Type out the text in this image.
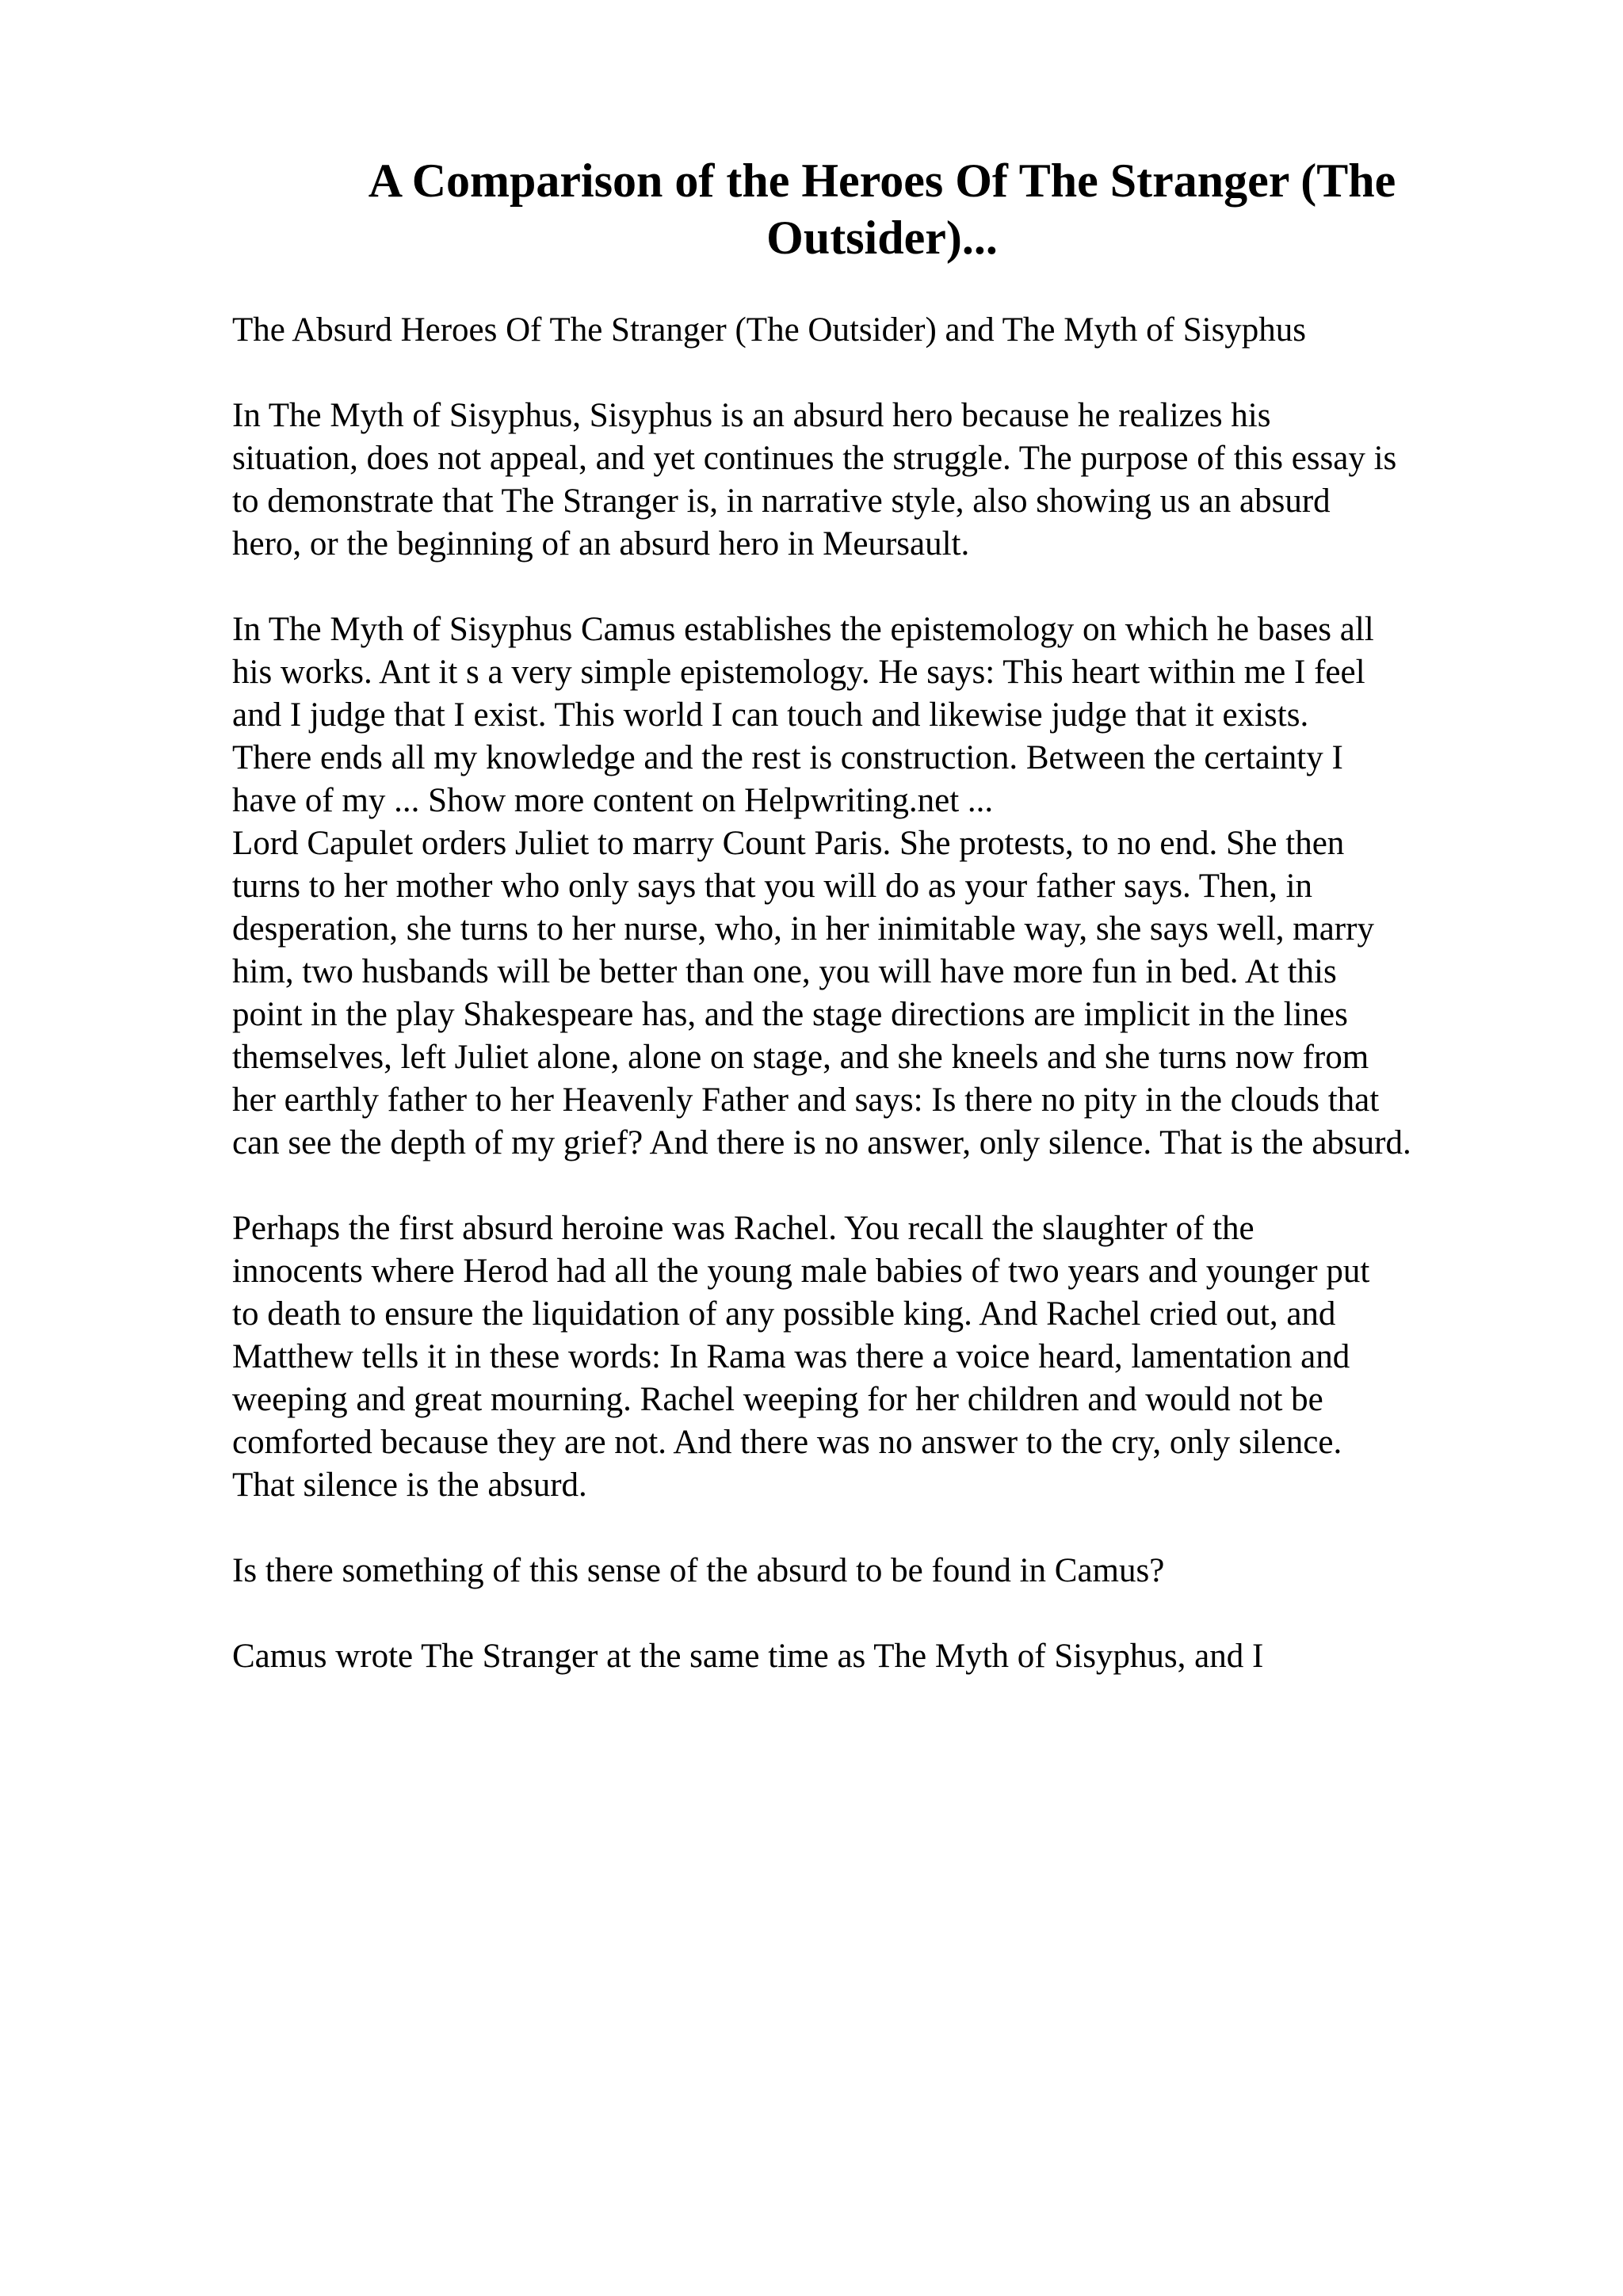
A Comparison of the Heroes Of The Stranger (The
Outsider)...

The Absurd Heroes Of The Stranger (The Outsider) and The Myth of Sisyphus

In The Myth of Sisyphus, Sisyphus is an absurd hero because he realizes his
situation, does not appeal, and yet continues the struggle. The purpose of this essay is
to demonstrate that The Stranger is, in narrative style, also showing us an absurd
hero, or the beginning of an absurd hero in Meursault.

In The Myth of Sisyphus Camus establishes the epistemology on which he bases all
his works. Ant it s a very simple epistemology. He says: This heart within me I feel
and I judge that I exist. This world I can touch and likewise judge that it exists.
There ends all my knowledge and the rest is construction. Between the certainty I
have of my ... Show more content on Helpwriting.net ...

Lord Capulet orders Juliet to marry Count Paris. She protests, to no end. She then
turns to her mother who only says that you will do as your father says. Then, in
desperation, she turns to her nurse, who, in her inimitable way, she says well, marry
him, two husbands will be better than one, you will have more fun in bed. At this
point in the play Shakespeare has, and the stage directions are implicit in the lines
themselves, left Juliet alone, alone on stage, and she kneels and she turns now from
her earthly father to her Heavenly Father and says: Is there no pity in the clouds that
can see the depth of my grief? And there is no answer, only silence. That is the absurd.

Perhaps the first absurd heroine was Rachel. You recall the slaughter of the
innocents where Herod had all the young male babies of two years and younger put
to death to ensure the liquidation of any possible king. And Rachel cried out, and
Matthew tells it in these words: In Rama was there a voice heard, lamentation and
weeping and great mourning. Rachel weeping for her children and would not be
comforted because they are not. And there was no answer to the cry, only silence.
That silence is the absurd.

Is there something of this sense of the absurd to be found in Camus?

Camus wrote The Stranger at the same time as The Myth of Sisyphus, and I
